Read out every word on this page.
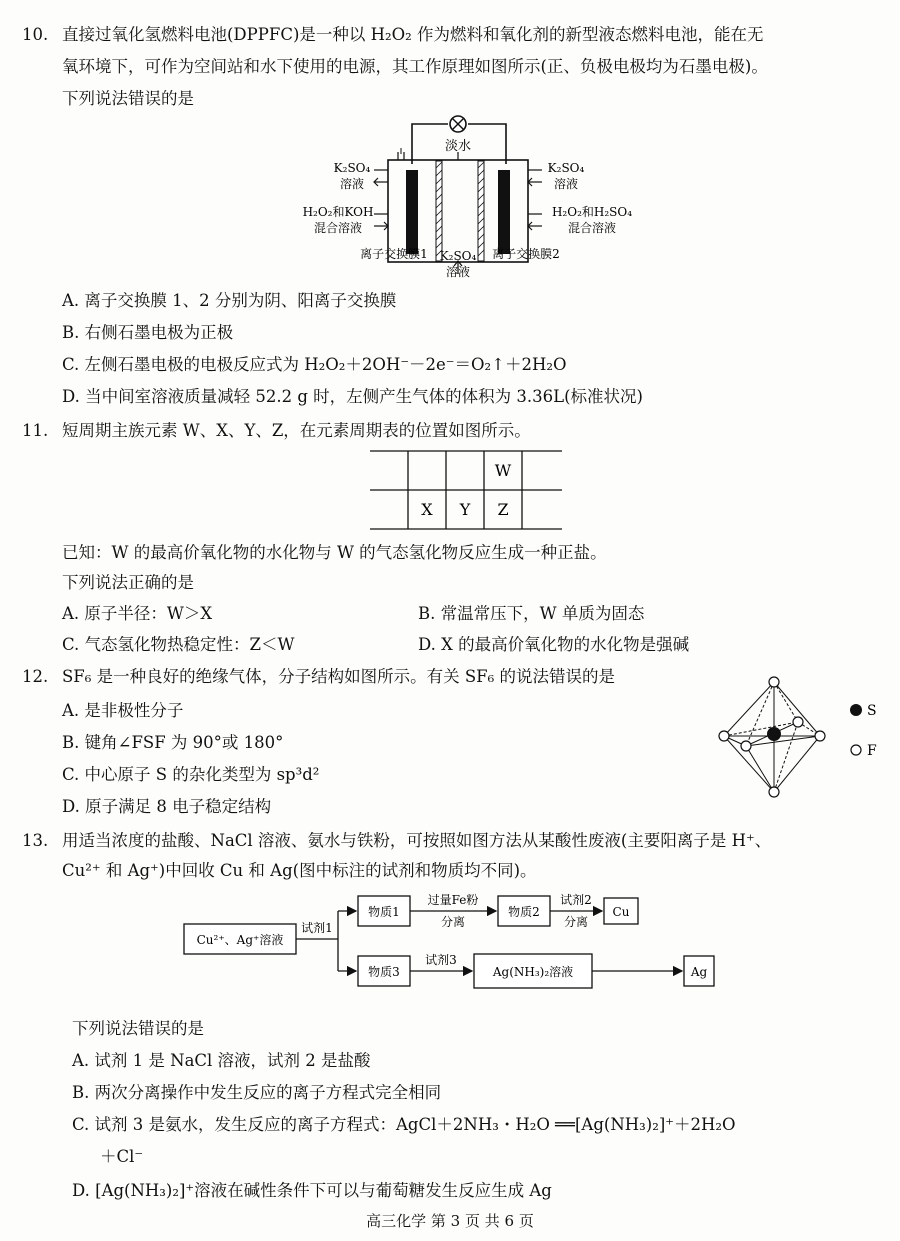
10. 直接过氧化氢燃料电池(DPPFC)是一种以 H₂O₂ 作为燃料和氧化剂的新型液态燃料电池，能在无
氧环境下，可作为空间站和水下使用的电源，其工作原理如图所示(正、负极电极均为石墨电极)。
下列说法错误的是
淡水
K₂SO₄
溶液
K₂SO₄
溶液
H₂O₂和KOH
混合溶液
H₂O₂和H₂SO₄
混合溶液
离子交换膜1 K₂SO₄
溶液
离子交换膜2
A. 离子交换膜 1、2 分别为阴、阳离子交换膜
B. 右侧石墨电极为正极
C. 左侧石墨电极的电极反应式为 H₂O₂＋2OH⁻－2e⁻＝O₂↑＋2H₂O
D. 当中间室溶液质量减轻 52.2 g 时，左侧产生气体的体积为 3.36L(标准状况)
11. 短周期主族元素 W、X、Y、Z，在元素周期表的位置如图所示。
W
X Y Z
已知：W 的最高价氧化物的水化物与 W 的气态氢化物反应生成一种正盐。
下列说法正确的是
A. 原子半径：W＞X	B. 常温常压下，W 单质为固态
C. 气态氢化物热稳定性：Z＜W	D. X 的最高价氧化物的水化物是强碱
12. SF₆ 是一种良好的绝缘气体，分子结构如图所示。有关 SF₆ 的说法错误的是
A. 是非极性分子
B. 键角∠FSF 为 90°或 180°
C. 中心原子 S 的杂化类型为 sp³d²
D. 原子满足 8 电子稳定结构
S
F
13. 用适当浓度的盐酸、NaCl 溶液、氨水与铁粉，可按照如图方法从某酸性废液(主要阳离子是 H⁺、
Cu²⁺ 和 Ag⁺)中回收 Cu 和 Ag(图中标注的试剂和物质均不同)。
Cu²⁺、Ag⁺溶液
试剂1
物质1
过量Fe粉
分离
物质2
试剂2
分离
Cu
物质3
试剂3
Ag(NH₃)₂溶液	Ag
下列说法错误的是
A. 试剂 1 是 NaCl 溶液，试剂 2 是盐酸
B. 两次分离操作中发生反应的离子方程式完全相同
C. 试剂 3 是氨水，发生反应的离子方程式：AgCl＋2NH₃・H₂O ══[Ag(NH₃)₂]⁺＋2H₂O
＋Cl⁻
D. [Ag(NH₃)₂]⁺溶液在碱性条件下可以与葡萄糖发生反应生成 Ag
高三化学 第 3 页 共 6 页
